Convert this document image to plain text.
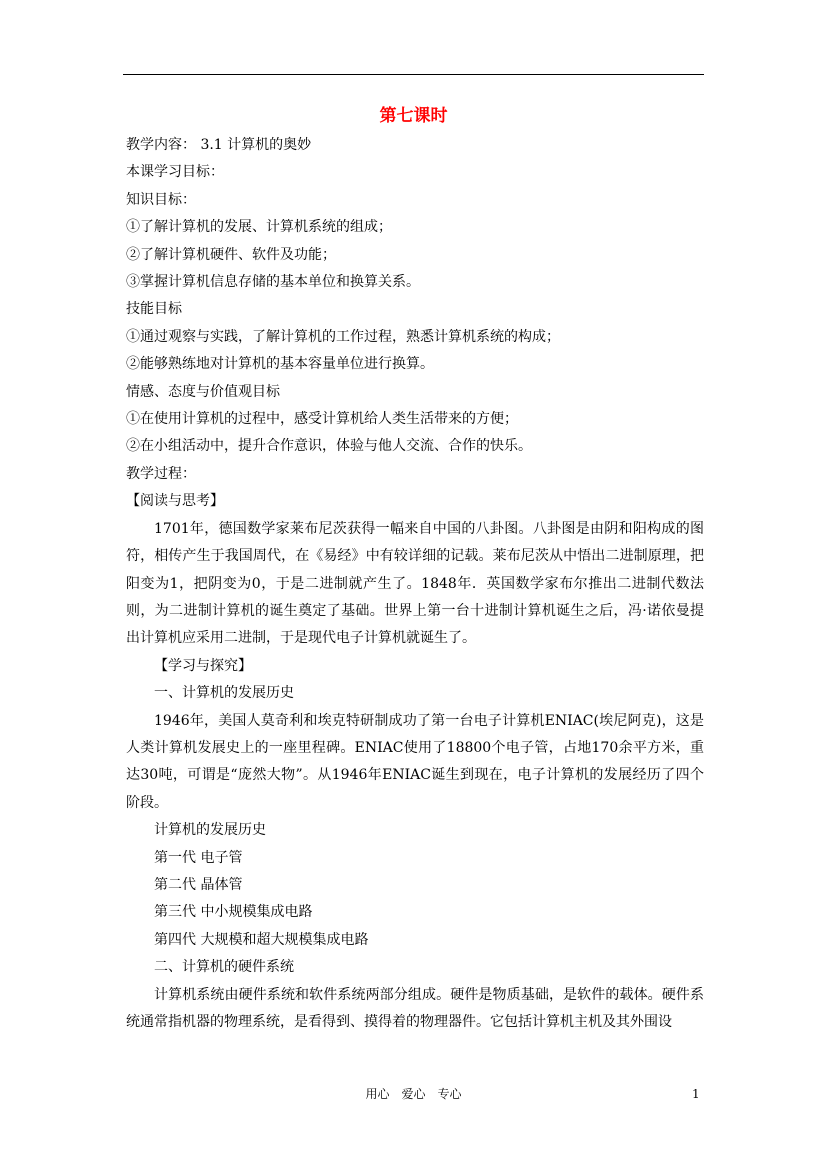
第七课时
教学内容： 3.1 计算机的奥妙
本课学习目标：
知识目标：
①了解计算机的发展、计算机系统的组成；
②了解计算机硬件、软件及功能；
③掌握计算机信息存储的基本单位和换算关系。
技能目标
①通过观察与实践，了解计算机的工作过程，熟悉计算机系统的构成；
②能够熟练地对计算机的基本容量单位进行换算。
情感、态度与价值观目标
①在使用计算机的过程中，感受计算机给人类生活带来的方便；
②在小组活动中，提升合作意识，体验与他人交流、合作的快乐。
教学过程：
【阅读与思考】
1701年，德国数学家莱布尼茨获得一幅来自中国的八卦图。八卦图是由阴和阳构成的图符，相传产生于我国周代，在《易经》中有较详细的记载。莱布尼茨从中悟出二进制原理，把阳变为1，把阴变为0，于是二进制就产生了。1848年．英国数学家布尔推出二进制代数法则，为二进制计算机的诞生奠定了基础。世界上第一台十进制计算机诞生之后，冯·诺依曼提出计算机应采用二进制，于是现代电子计算机就诞生了。
【学习与探究】
一、计算机的发展历史
1946年，美国人莫奇利和埃克特研制成功了第一台电子计算机ENIAC(埃尼阿克)，这是人类计算机发展史上的一座里程碑。ENIAC使用了18800个电子管，占地170余平方米，重达30吨，可谓是“庞然大物”。从1946年ENIAC诞生到现在，电子计算机的发展经历了四个阶段。
计算机的发展历史
第一代 电子管
第二代 晶体管
第三代 中小规模集成电路
第四代 大规模和超大规模集成电路
二、计算机的硬件系统
计算机系统由硬件系统和软件系统两部分组成。硬件是物质基础，是软件的载体。硬件系统通常指机器的物理系统，是看得到、摸得着的物理器件。它包括计算机主机及其外围设
用心　爱心　专心	1
